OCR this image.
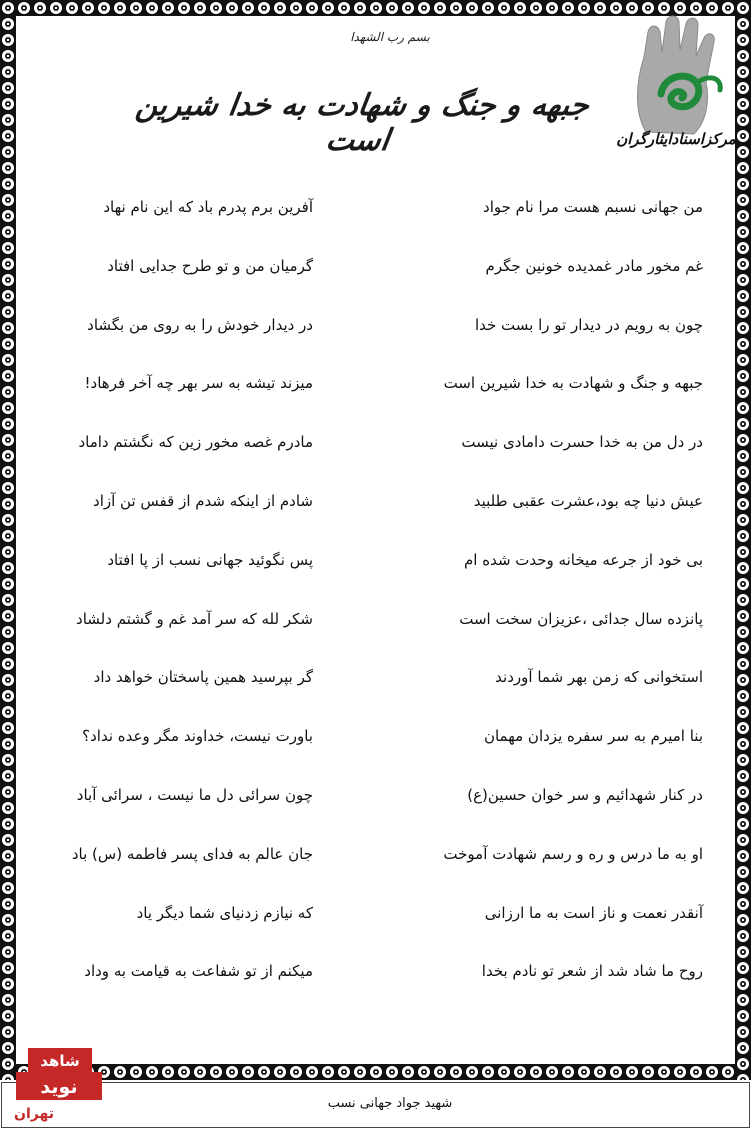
بسم رب الشهدا
جبهه و جنگ و شهادت به خدا شیرین است	مرکزاسنادایثارگران
من جهانی نسبم هست مرا نام جواد
آفرین برم پدرم باد که این نام نهاد
غم مخور مادر غمدیده خونین جگرم
گرمیان من و تو طرح جدایی افتاد
چون به رویم در دیدار تو را بست خدا
در دیدار خودش را به روی من بگشاد
جبهه و جنگ و شهادت به خدا شیرین است
میزند تیشه به سر بهر چه آخر فرهاد!
در دل من به خدا حسرت دامادی نیست
مادرم غصه مخور زین که نگشتم داماد
عیش دنیا چه بود،عشرت عقبی طلبید
شادم از اینکه شدم از قفس تن آزاد
بی خود از جرعه میخانه وحدت شده ام
پس نگوئید جهانی نسب از پا افتاد
پانزده سال جدائی ،عزیزان سخت است
شکر لله که سر آمد غم و گشتم دلشاد
استخوانی که زمن بهر شما آوردند
گر بپرسید همین پاسختان خواهد داد
بنا امیرم به سر سفره یزدان مهمان
باورت نیست، خداوند مگر وعده نداد؟
در کنار شهدائیم و سر خوان حسین(ع)
چون سرائی دل ما نیست ، سرائی آباد
او به ما درس و ره و رسم شهادت آموخت
جان عالم به فدای پسر فاطمه (س) باد
آنقدر نعمت و ناز است به ما ارزانی
که نیازم زدنیای شما دیگر یاد
روح ما شاد شد از شعر تو نادم بخدا
میکنم از تو شفاعت به قیامت به وداد
شهید جواد جهانی نسب
شاهد
نوید
تهران
